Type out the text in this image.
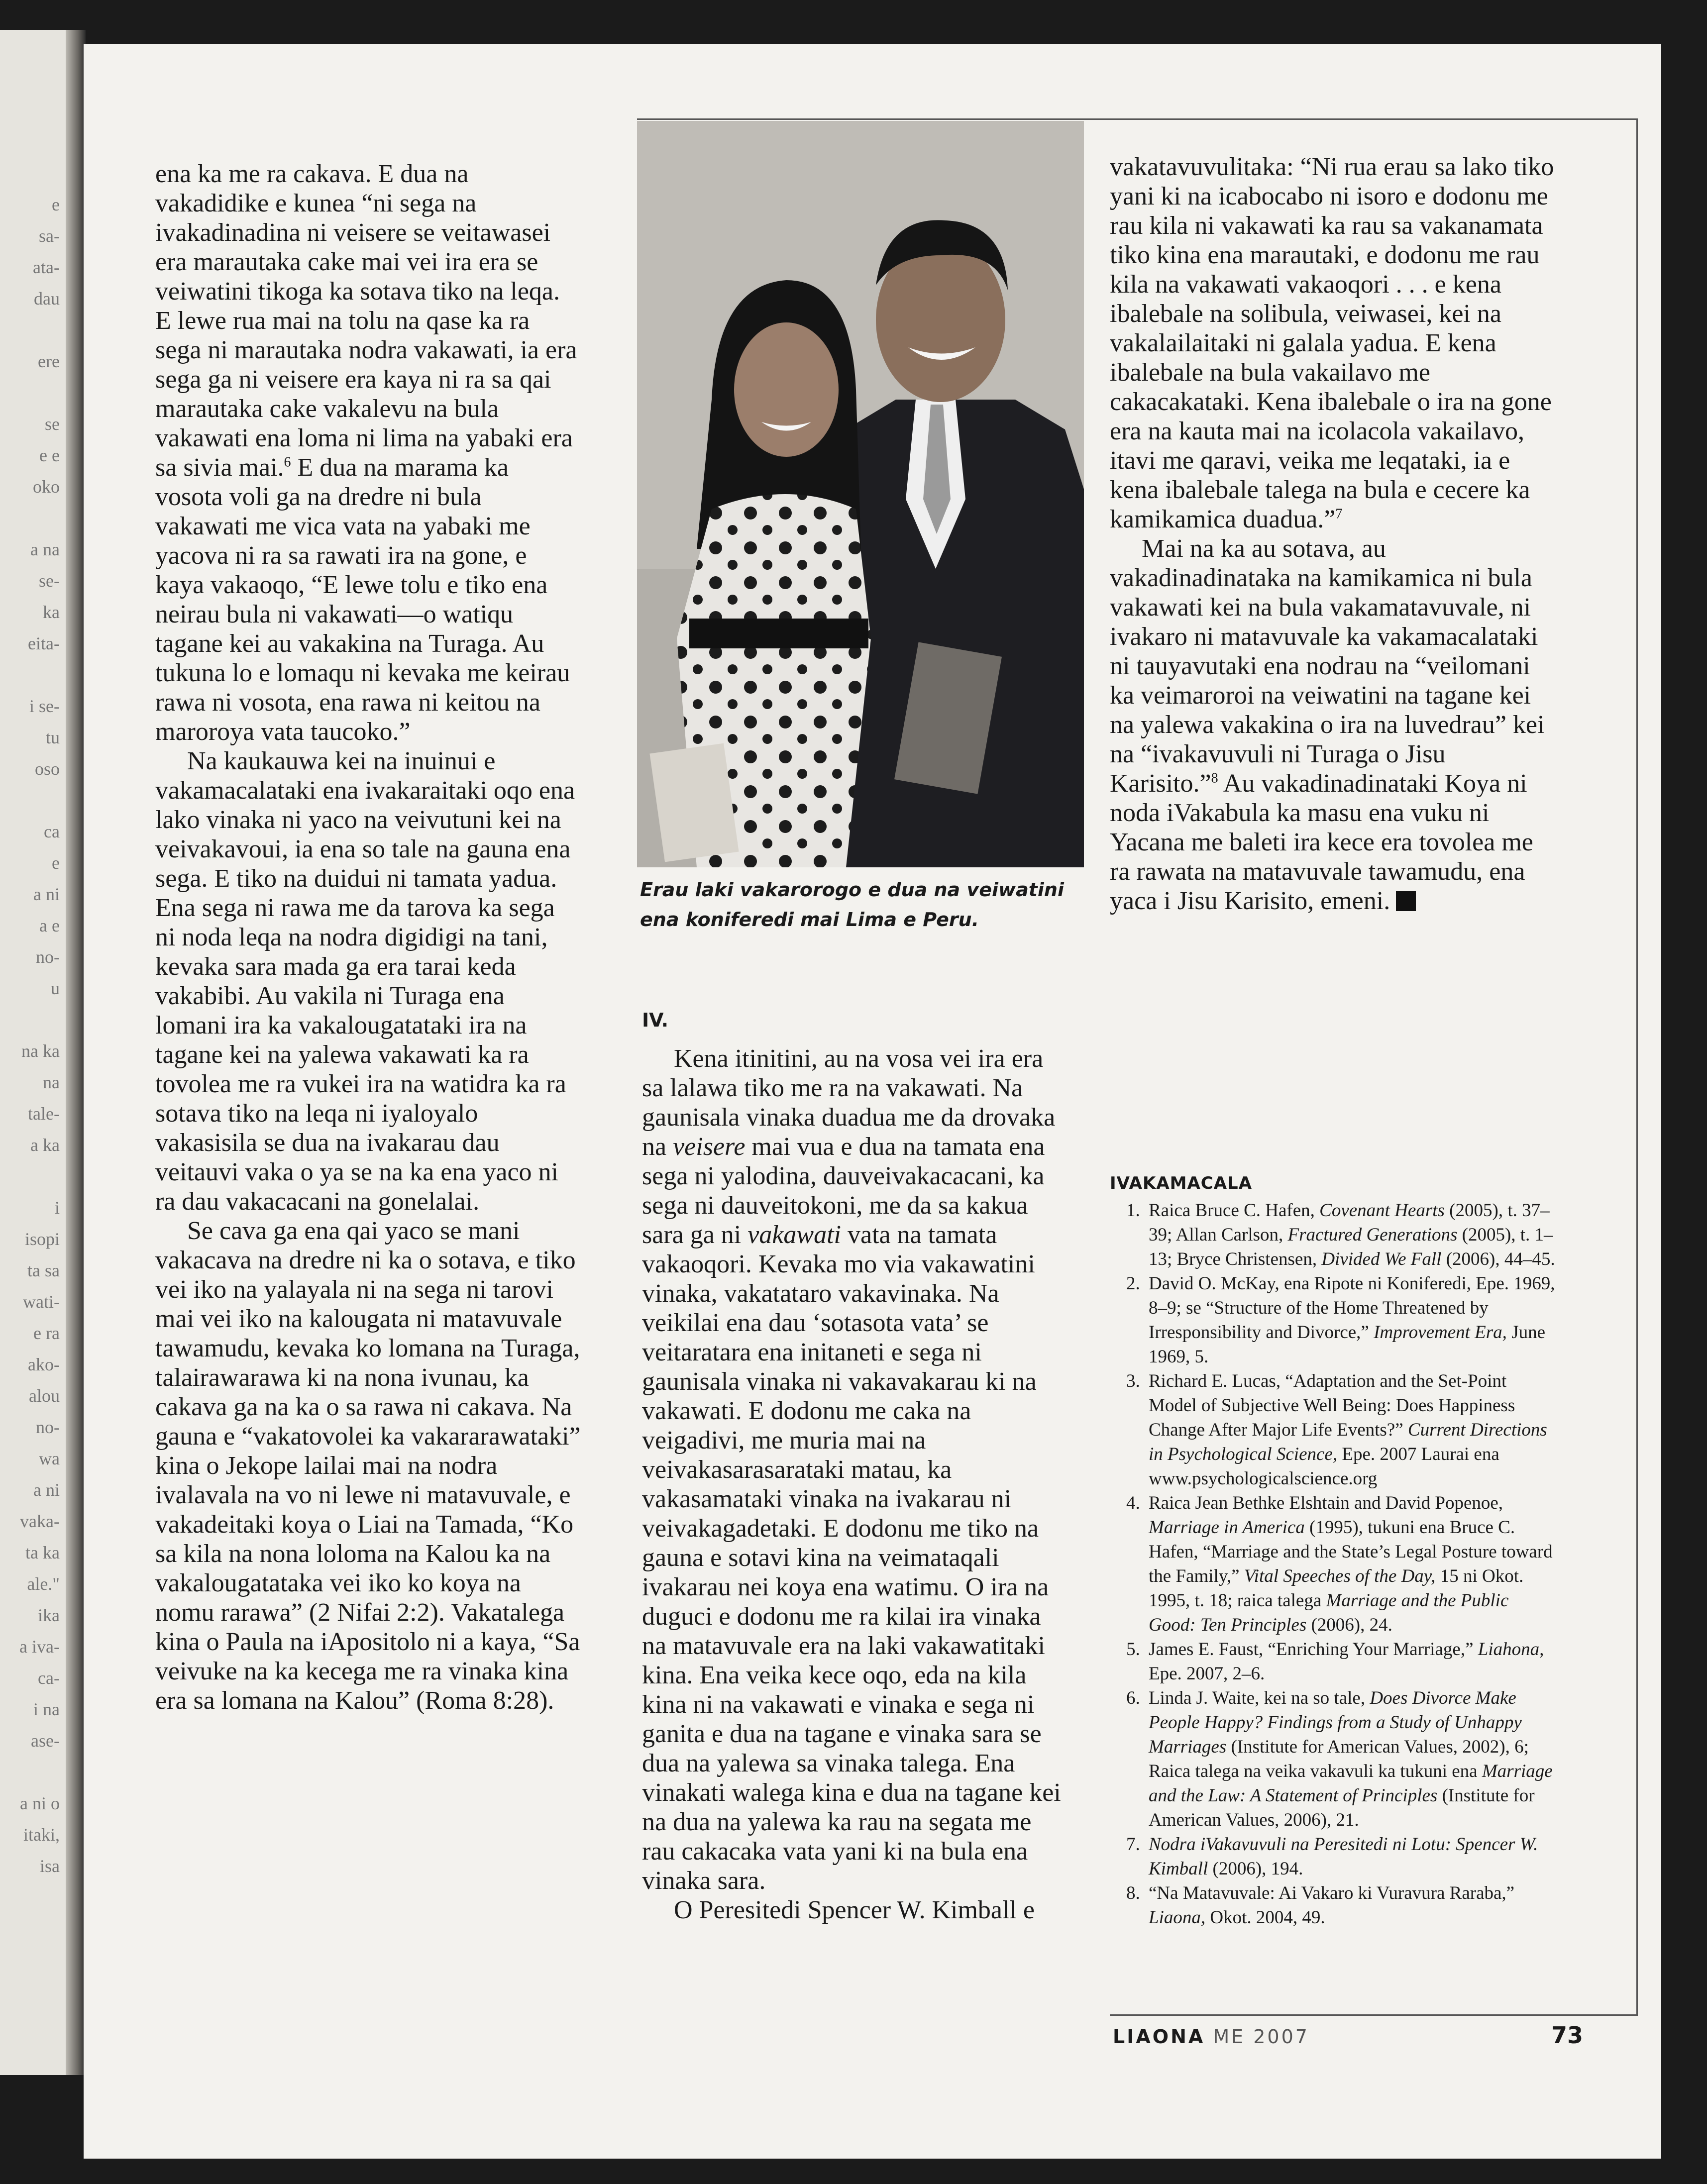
e
sa-
ata-
dau

ere

se
e e
oko

a na
se-
ka
eita-

i se-
tu
oso

ca
e
a ni
a e
no-
u

na ka
na
tale-
a ka

i
isopi
ta sa
wati-
e ra
ako-
alou
no-
wa
a ni
vaka-
ta ka
ale."
ika
a iva-
ca-
i na
ase-

a ni o
itaki,
isa

ena ka me ra cakava. E dua na vakadidike e kunea “ni sega na ivakadinadina ni veisere se veitawasei era marautaka cake mai vei ira era se veiwatini tikoga ka sotava tiko na leqa. E lewe rua mai na tolu na qase ka ra sega ni marautaka nodra vakawati, ia era sega ga ni veisere era kaya ni ra sa qai marautaka cake vakalevu na bula vakawati ena loma ni lima na yabaki era sa sivia mai.$^6$ E dua na marama ka vosota voli ga na dredre ni bula vakawati me vica vata na yabaki me yacova ni ra sa rawati ira na gone, e kaya vakaoqo, “E lewe tolu e tiko ena neirau bula ni vakawati—o watiqu tagane kei au vakakina na Turaga. Au tukuna lo e lomaqu ni kevaka me keirau rawa ni vosota, ena rawa ni keitou na maroroya vata taucoko.”

Na kaukauwa kei na inuinui e vakamacalataki ena ivakaraitaki oqo ena lako vinaka ni yaco na veivutuni kei na veivakavoui, ia ena so tale na gauna ena sega. E tiko na duidui ni tamata yadua. Ena sega ni rawa me da tarova ka sega ni noda leqa na nodra digidigi na tani, kevaka sara mada ga era tarai keda vakabibi. Au vakila ni Turaga ena lomani ira ka vakalougatataki ira na tagane kei na yalewa vakawati ka ra tovolea me ra vukei ira na watidra ka ra sotava tiko na leqa ni iyaloyalo vakasisila se dua na ivakarau dau veitauvi vaka o ya se na ka ena yaco ni ra dau vakacacani na gonelalai.

Se cava ga ena qai yaco se mani vakacava na dredre ni ka o sotava, e tiko vei iko na yalayala ni na sega ni tarovi mai vei iko na kalougata ni matavuvale tawamudu, kevaka ko lomana na Turaga, talairawarawa ki na nona ivunau, ka cakava ga na ka o sa rawa ni cakava. Na gauna e “vakatovolei ka vakararawataki” kina o Jekope lailai mai na nodra ivalavala na vo ni lewe ni matavuvale, e vakadeitaki koya o Liai na Tamada, “Ko sa kila na nona loloma na Kalou ka na vakalougatataka vei iko ko koya na nomu rarawa” (2 Nifai 2:2). Vakatalega kina o Paula na iApositolo ni a kaya, “Sa veivuke na ka kecega me ra vinaka kina era sa lomana na Kalou” (Roma 8:28).

Erau laki vakarorogo e dua na veiwatini ena koniferedi mai Lima e Peru.
IV.

Kena itinitini, au na vosa vei ira era sa lalawa tiko me ra na vakawati. Na gaunisala vinaka duadua me da drovaka na veisere mai vua e dua na tamata ena sega ni yalodina, dauveivakacacani, ka sega ni dauveitokoni, me da sa kakua sara ga ni vakawati vata na tamata vakaoqori. Kevaka mo via vakawatini vinaka, vakatataro vakavinaka. Na veikilai ena dau ‘sotasota vata’ se veitaratara ena initaneti e sega ni gaunisala vinaka ni vakavakarau ki na vakawati. E dodonu me caka na veigadivi, me muria mai na veivakasarasarataki matau, ka vakasamataki vinaka na ivakarau ni veivakagadetaki. E dodonu me tiko na gauna e sotavi kina na veimataqali ivakarau nei koya ena watimu. O ira na duguci e dodonu me ra kilai ira vinaka na matavuvale era na laki vakawatitaki kina. Ena veika kece oqo, eda na kila kina ni na vakawati e vinaka e sega ni ganita e dua na tagane e vinaka sara se dua na yalewa sa vinaka talega. Ena vinakati walega kina e dua na tagane kei na dua na yalewa ka rau na segata me rau cakacaka vata yani ki na bula ena vinaka sara.

O Peresitedi Spencer W. Kimball e

vakatavuvulitaka: “Ni rua erau sa lako tiko yani ki na icabocabo ni isoro e dodonu me rau kila ni vakawati ka rau sa vakanamata tiko kina ena marautaki, e dodonu me rau kila na vakawati vakaoqori . . . e kena ibalebale na solibula, veiwasei, kei na vakalailaitaki ni galala yadua. E kena ibalebale na bula vakailavo me cakacakataki. Kena ibalebale o ira na gone era na kauta mai na icolacola vakailavo, itavi me qaravi, veika me leqataki, ia e kena ibalebale talega na bula e cecere ka kamikamica duadua.”$^7$

Mai na ka au sotava, au vakadinadinataka na kamikamica ni bula vakawati kei na bula vakamatavuvale, ni ivakaro ni matavuvale ka vakamacalataki ni tauyavutaki ena nodrau na “veilomani ka veimaroroi na veiwatini na tagane kei na yalewa vakakina o ira na luvedrau” kei na “ivakavuvuli ni Turaga o Jisu Karisito.”$^8$ Au vakadinadinataki Koya ni noda iVakabula ka masu ena vuku ni Yacana me baleti ira kece era tovolea me ra rawata na matavuvale tawamudu, ena yaca i Jisu Karisito, emeni.

IVAKAMACALA
1. Raica Bruce C. Hafen, Covenant Hearts (2005), t. 37–39; Allan Carlson, Fractured Generations (2005), t. 1–13; Bryce Christensen, Divided We Fall (2006), 44–45.
2. David O. McKay, ena Ripote ni Koniferedi, Epe. 1969, 8–9; se “Structure of the Home Threatened by Irresponsibility and Divorce,” Improvement Era, June 1969, 5.
3. Richard E. Lucas, “Adaptation and the Set-Point Model of Subjective Well Being: Does Happiness Change After Major Life Events?” Current Directions in Psychological Science, Epe. 2007 Laurai ena www.psychologicalscience.org
4. Raica Jean Bethke Elshtain and David Popenoe, Marriage in America (1995), tukuni ena Bruce C. Hafen, “Marriage and the State’s Legal Posture toward the Family,” Vital Speeches of the Day, 15 ni Okot. 1995, t. 18; raica talega Marriage and the Public Good: Ten Principles (2006), 24.
5. James E. Faust, “Enriching Your Marriage,” Liahona, Epe. 2007, 2–6.
6. Linda J. Waite, kei na so tale, Does Divorce Make People Happy? Findings from a Study of Unhappy Marriages (Institute for American Values, 2002), 6; Raica talega na veika vakavuli ka tukuni ena Marriage and the Law: A Statement of Principles (Institute for American Values, 2006), 21.
7. Nodra iVakavuvuli na Peresitedi ni Lotu: Spencer W. Kimball (2006), 194.
8. “Na Matavuvale: Ai Vakaro ki Vuravura Raraba,” Liaona, Okot. 2004, 49.
LIAONA ME 2007	73
